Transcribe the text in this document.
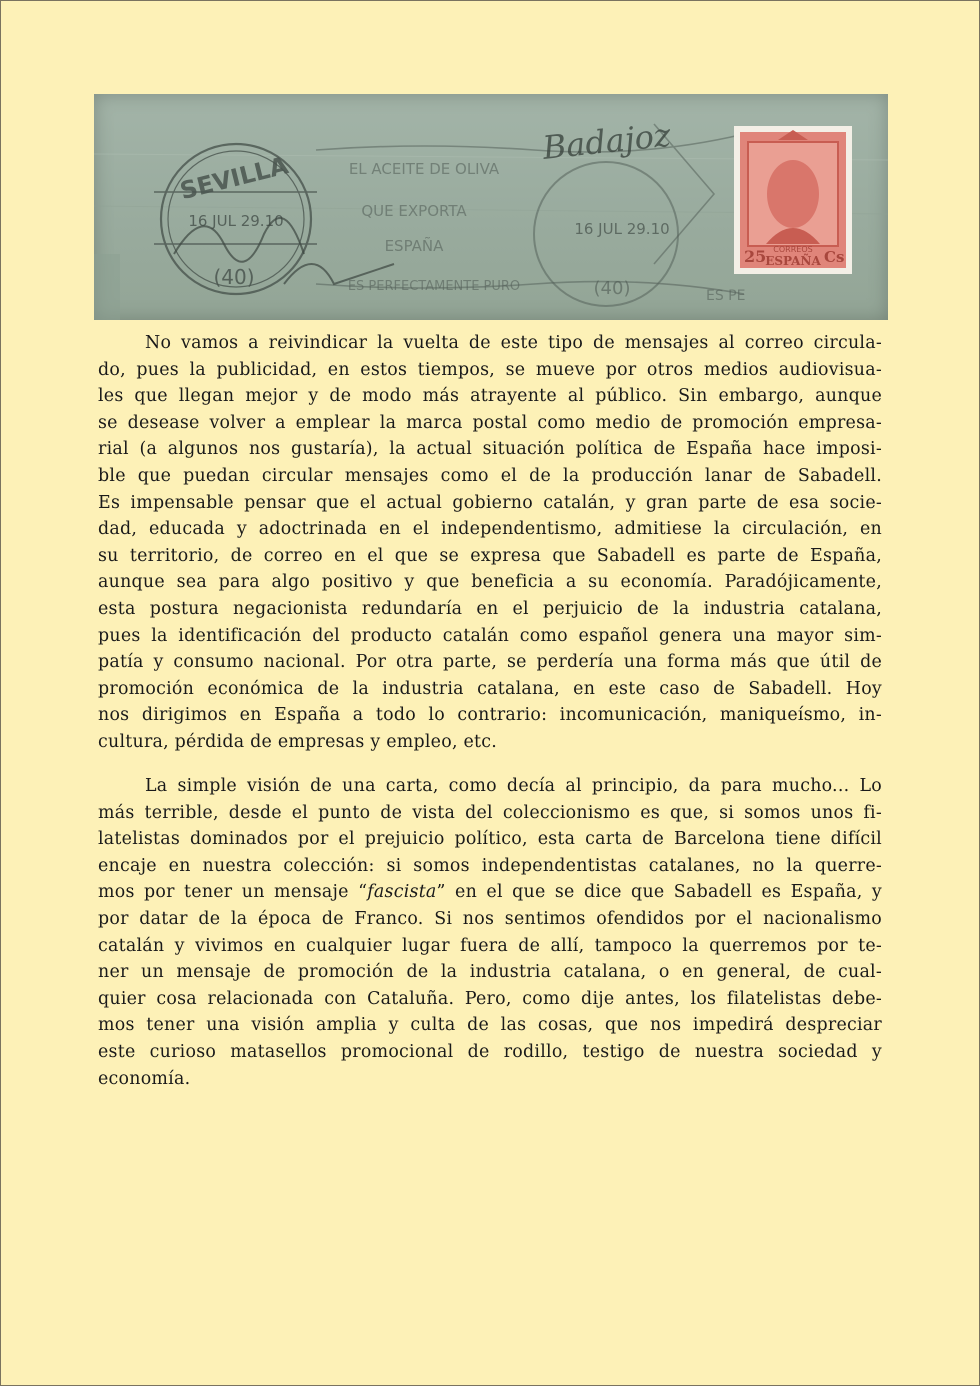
SEVILLA
16 JUL 29.10
(40)
EL ACEITE DE OLIVA
QUE EXPORTA
ESPAÑA
ES PERFECTAMENTE PURO
16 JUL 29.10
(40)
Badajoz
25	Cs
CORREOS
ESPAÑA
ES PE

No vamos a reivindicar la vuelta de este tipo de mensajes al correo circula-
do, pues la publicidad, en estos tiempos, se mueve por otros medios audiovisua-
les que llegan mejor y de modo más atrayente al público. Sin embargo, aunque
se desease volver a emplear la marca postal como medio de promoción empresa-
rial (a algunos nos gustaría), la actual situación política de España hace imposi-
ble que puedan circular mensajes como el de la producción lanar de Sabadell.
Es impensable pensar que el actual gobierno catalán, y gran parte de esa socie-
dad, educada y adoctrinada en el independentismo, admitiese la circulación, en
su territorio, de correo en el que se expresa que Sabadell es parte de España,
aunque sea para algo positivo y que beneficia a su economía. Paradójicamente,
esta postura negacionista redundaría en el perjuicio de la industria catalana,
pues la identificación del producto catalán como español genera una mayor sim-
patía y consumo nacional. Por otra parte, se perdería una forma más que útil de
promoción económica de la industria catalana, en este caso de Sabadell. Hoy
nos dirigimos en España a todo lo contrario: incomunicación, maniqueísmo, in-
cultura, pérdida de empresas y empleo, etc.

La simple visión de una carta, como decía al principio, da para mucho... Lo
más terrible, desde el punto de vista del coleccionismo es que, si somos unos fi-
latelistas dominados por el prejuicio político, esta carta de Barcelona tiene difícil
encaje en nuestra colección: si somos independentistas catalanes, no la querre-
mos por tener un mensaje “fascista” en el que se dice que Sabadell es España, y
por datar de la época de Franco. Si nos sentimos ofendidos por el nacionalismo
catalán y vivimos en cualquier lugar fuera de allí, tampoco la querremos por te-
ner un mensaje de promoción de la industria catalana, o en general, de cual-
quier cosa relacionada con Cataluña. Pero, como dije antes, los filatelistas debe-
mos tener una visión amplia y culta de las cosas, que nos impedirá despreciar
este curioso matasellos promocional de rodillo, testigo de nuestra sociedad y
economía.
